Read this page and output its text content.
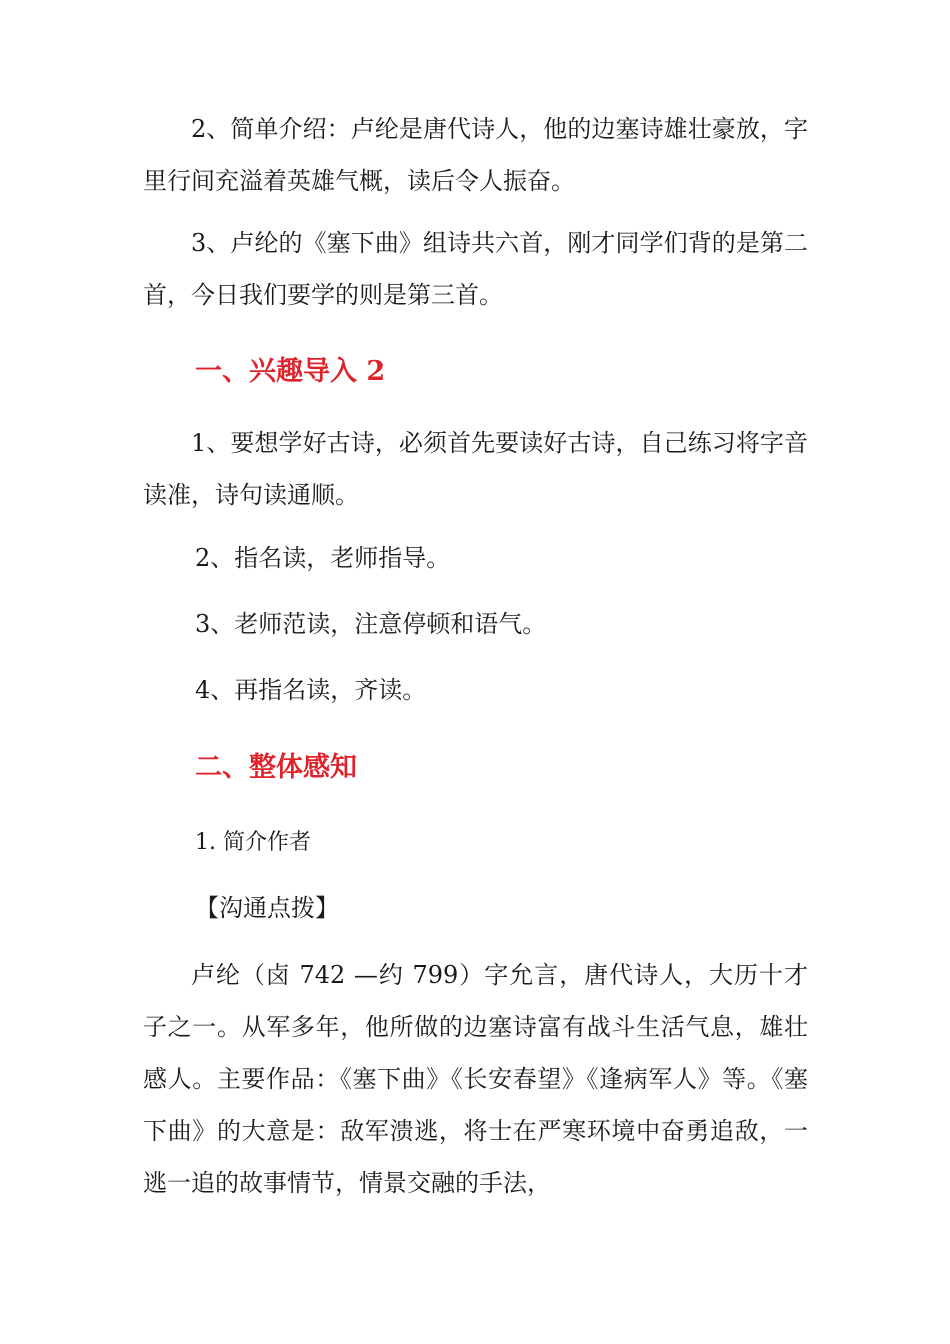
2、简单介绍：卢纶是唐代诗人，他的边塞诗雄壮豪放，字里行间充溢着英雄气概，读后令人振奋。

3、卢纶的《塞下曲》组诗共六首，刚才同学们背的是第二首，今日我们要学的则是第三首。

一、兴趣导入 2

1、要想学好古诗，必须首先要读好古诗，自己练习将字音读准，诗句读通顺。

2、指名读，老师指导。

3、老师范读，注意停顿和语气。

4、再指名读，齐读。

二、整体感知

1. 简介作者

【沟通点拨】

卢纶（卤 742 —约 799）字允言，唐代诗人，大历十才子之一。从军多年，他所做的边塞诗富有战斗生活气息，雄壮感人。主要作品：《塞下曲》《长安春望》《逢病军人》等。《塞下曲》的大意是：敌军溃逃，将士在严寒环境中奋勇追敌，一逃一追的故事情节，情景交融的手法，
